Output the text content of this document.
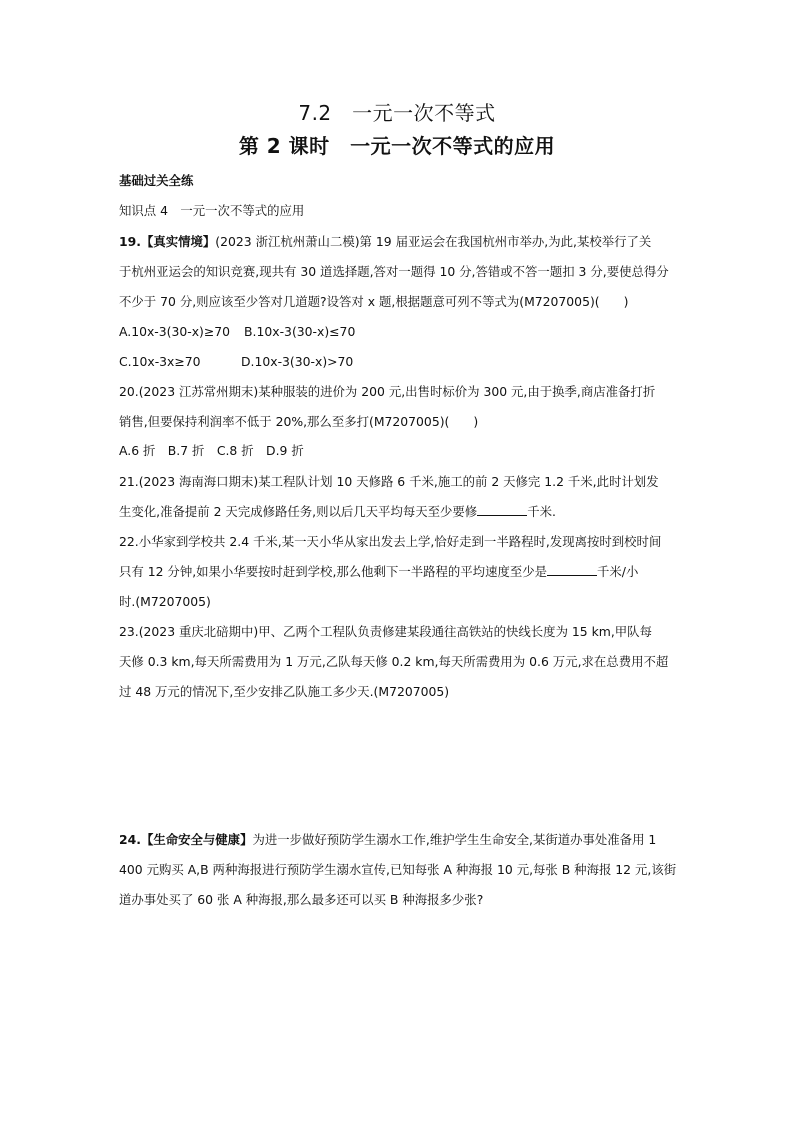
7.2　一元一次不等式
第 2 课时　一元一次不等式的应用
基础过关全练
知识点 4　一元一次不等式的应用
19.【真实情境】(2023 浙江杭州萧山二模)第 19 届亚运会在我国杭州市举办,为此,某校举行了关
于杭州亚运会的知识竞赛,现共有 30 道选择题,答对一题得 10 分,答错或不答一题扣 3 分,要使总得分
不少于 70 分,则应该至少答对几道题?设答对 x 题,根据题意可列不等式为(M7207005)( )
A.10x-3(30-x)≥70 B.10x-3(30-x)≤70
C.10x-3x≥70	D.10x-3(30-x)>70
20.(2023 江苏常州期末)某种服装的进价为 200 元,出售时标价为 300 元,由于换季,商店准备打折
销售,但要保持利润率不低于 20%,那么至多打(M7207005)( )
A.6 折　B.7 折　C.8 折　D.9 折
21.(2023 海南海口期末)某工程队计划 10 天修路 6 千米,施工的前 2 天修完 1.2 千米,此时计划发
生变化,准备提前 2 天完成修路任务,则以后几天平均每天至少要修	千米.
22.小华家到学校共 2.4 千米,某一天小华从家出发去上学,恰好走到一半路程时,发现离按时到校时间
只有 12 分钟,如果小华要按时赶到学校,那么他剩下一半路程的平均速度至少是	千米/小
时.(M7207005)
23.(2023 重庆北碚期中)甲、乙两个工程队负责修建某段通往高铁站的快线长度为 15 km,甲队每
天修 0.3 km,每天所需费用为 1 万元,乙队每天修 0.2 km,每天所需费用为 0.6 万元,求在总费用不超
过 48 万元的情况下,至少安排乙队施工多少天.(M7207005)
24.【生命安全与健康】为进一步做好预防学生溺水工作,维护学生生命安全,某街道办事处准备用 1
400 元购买 A,B 两种海报进行预防学生溺水宣传,已知每张 A 种海报 10 元,每张 B 种海报 12 元,该街
道办事处买了 60 张 A 种海报,那么最多还可以买 B 种海报多少张?
